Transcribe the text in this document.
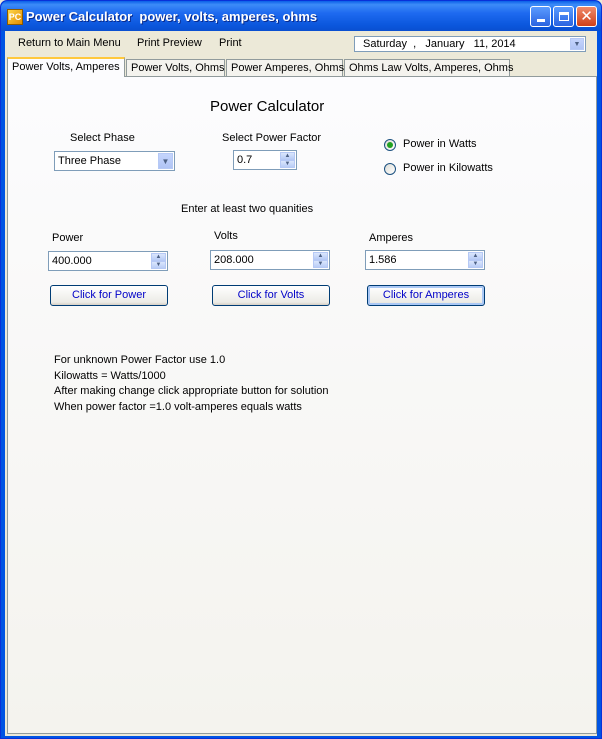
PC Power Calculator  power, volts, amperes, ohms	✕
Return to Main Menu Print Preview Print	Saturday  ,   January   11, 2014	▼
Power Volts, Amperes	Power Volts, Ohms Power Amperes, Ohms Ohms Law Volts, Amperes, Ohms
Power Calculator
Select Phase
Three Phase	▼
Select Power Factor
0.7	▲
▼
Power in Watts
Power in Kilowatts
Enter at least two quanities
Power
400.000	▲
▼
Click for Power
Volts
208.000	▲
▼
Click for Volts
Amperes
1.586	▲
▼
Click for Amperes
For unknown Power Factor use 1.0
Kilowatts = Watts/1000
After making change click appropriate button for solution
When power factor =1.0 volt-amperes equals watts
